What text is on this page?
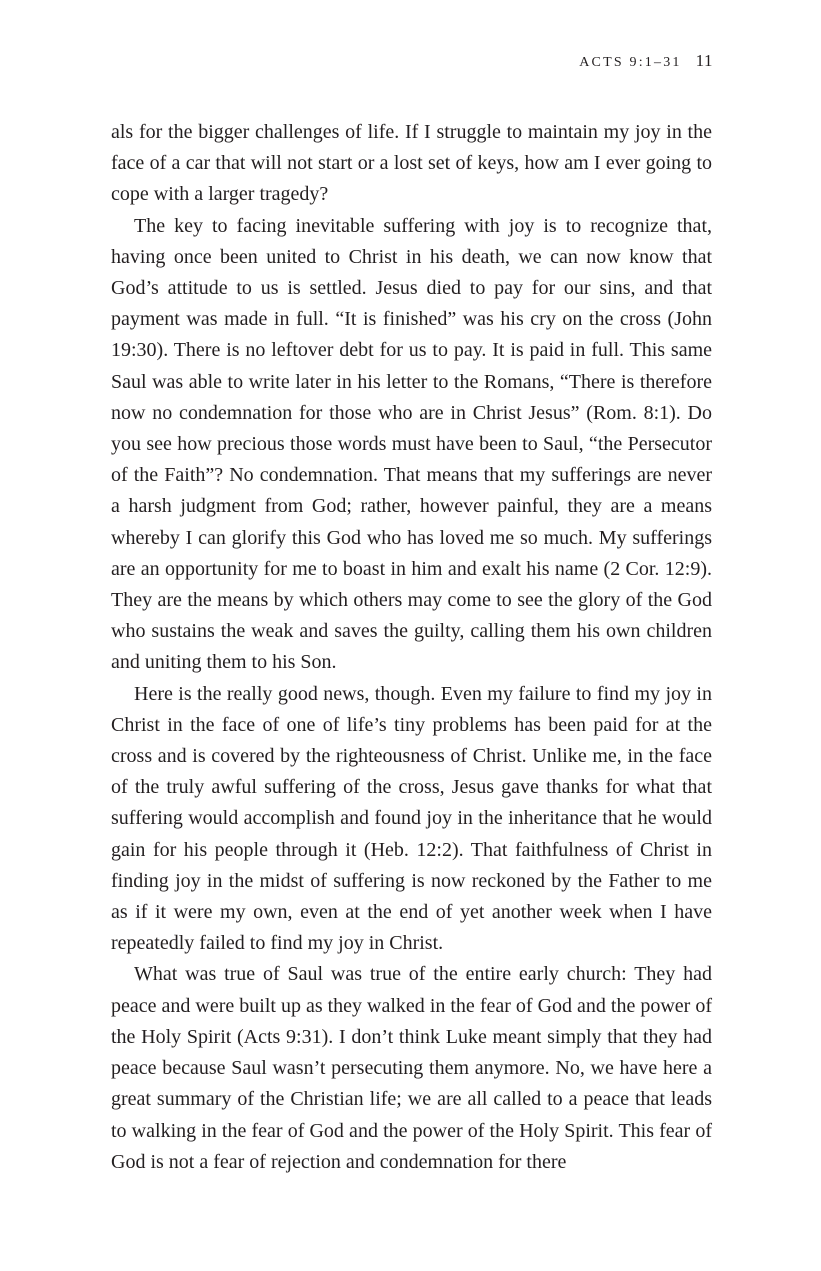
ACTS 9:1–31 11

als for the bigger challenges of life. If I struggle to maintain my joy in the face of a car that will not start or a lost set of keys, how am I ever going to cope with a larger tragedy?

The key to facing inevitable suffering with joy is to recognize that, having once been united to Christ in his death, we can now know that God’s attitude to us is settled. Jesus died to pay for our sins, and that payment was made in full. “It is finished” was his cry on the cross (John 19:30). There is no leftover debt for us to pay. It is paid in full. This same Saul was able to write later in his letter to the Romans, “There is therefore now no condemnation for those who are in Christ Jesus” (Rom. 8:1). Do you see how precious those words must have been to Saul, “the Persecutor of the Faith”? No condemnation. That means that my sufferings are never a harsh judgment from God; rather, however painful, they are a means whereby I can glorify this God who has loved me so much. My sufferings are an opportunity for me to boast in him and exalt his name (2 Cor. 12:9). They are the means by which others may come to see the glory of the God who sustains the weak and saves the guilty, calling them his own children and uniting them to his Son.

Here is the really good news, though. Even my failure to find my joy in Christ in the face of one of life’s tiny problems has been paid for at the cross and is covered by the righteousness of Christ. Unlike me, in the face of the truly awful suffering of the cross, Jesus gave thanks for what that suffering would accomplish and found joy in the inheritance that he would gain for his people through it (Heb. 12:2). That faithfulness of Christ in finding joy in the midst of suffering is now reckoned by the Father to me as if it were my own, even at the end of yet another week when I have repeatedly failed to find my joy in Christ.

What was true of Saul was true of the entire early church: They had peace and were built up as they walked in the fear of God and the power of the Holy Spirit (Acts 9:31). I don’t think Luke meant simply that they had peace because Saul wasn’t persecuting them anymore. No, we have here a great summary of the Christian life; we are all called to a peace that leads to walking in the fear of God and the power of the Holy Spirit. This fear of God is not a fear of rejection and condemnation for there
